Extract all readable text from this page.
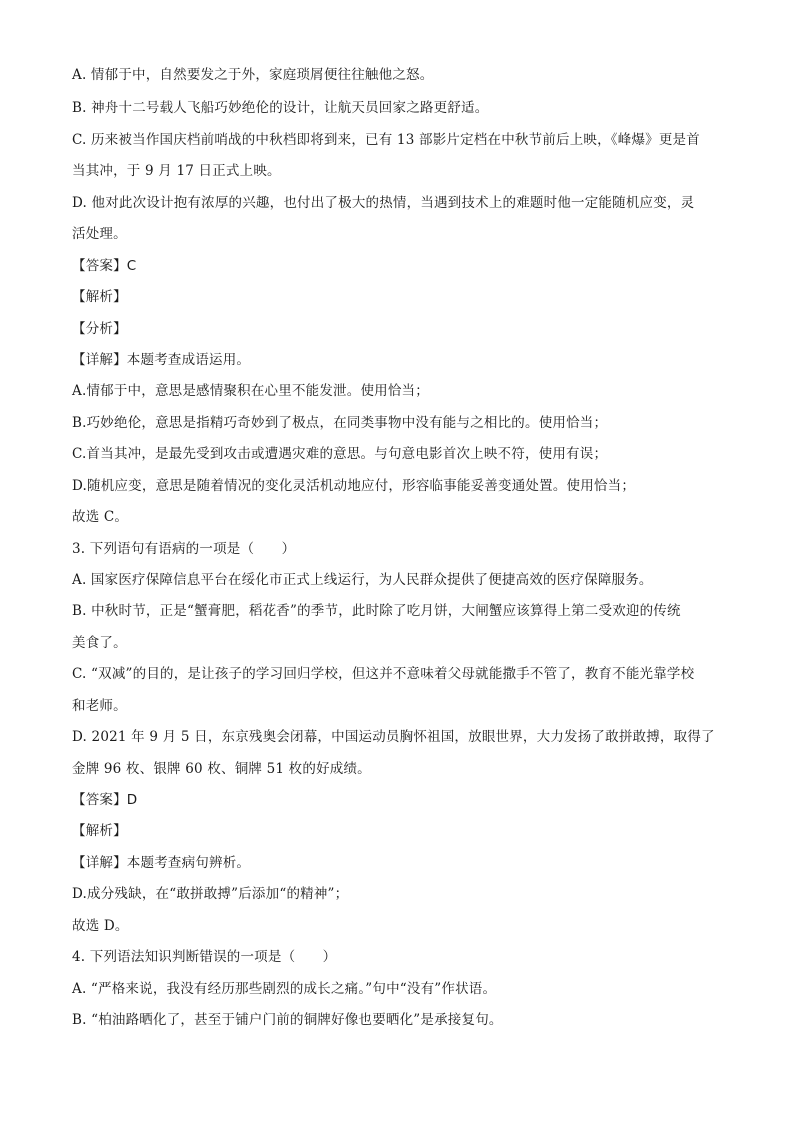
A. 情郁于中，自然要发之于外，家庭琐屑便往往触他之怒。
B. 神舟十二号载人飞船巧妙绝伦的设计，让航天员回家之路更舒适。
C. 历来被当作国庆档前哨战的中秋档即将到来，已有 13 部影片定档在中秋节前后上映，《峰爆》更是首
当其冲，于 9 月 17 日正式上映。
D. 他对此次设计抱有浓厚的兴趣，也付出了极大的热情，当遇到技术上的难题时他一定能随机应变，灵
活处理。
【答案】C
【解析】
【分析】
【详解】本题考查成语运用。
A.情郁于中，意思是感情聚积在心里不能发泄。使用恰当；
B.巧妙绝伦，意思是指精巧奇妙到了极点，在同类事物中没有能与之相比的。使用恰当；
C.首当其冲，是最先受到攻击或遭遇灾难的意思。与句意电影首次上映不符，使用有误；
D.随机应变，意思是随着情况的变化灵活机动地应付，形容临事能妥善变通处置。使用恰当；
故选 C。
3. 下列语句有语病的一项是（　　）
A. 国家医疗保障信息平台在绥化市正式上线运行，为人民群众提供了便捷高效的医疗保障服务。
B. 中秋时节，正是“蟹膏肥，稻花香”的季节，此时除了吃月饼，大闸蟹应该算得上第二受欢迎的传统
美食了。
C. “双减”的目的，是让孩子的学习回归学校，但这并不意味着父母就能撒手不管了，教育不能光靠学校
和老师。
D. 2021 年 9 月 5 日，东京残奥会闭幕，中国运动员胸怀祖国，放眼世界，大力发扬了敢拼敢搏，取得了
金牌 96 枚、银牌 60 枚、铜牌 51 枚的好成绩。
【答案】D
【解析】
【详解】本题考查病句辨析。
D.成分残缺，在“敢拼敢搏”后添加“的精神”；
故选 D。
4. 下列语法知识判断错误的一项是（　　）
A. “严格来说，我没有经历那些剧烈的成长之痛。”句中“没有”作状语。
B. “柏油路晒化了，甚至于铺户门前的铜牌好像也要晒化”是承接复句。
